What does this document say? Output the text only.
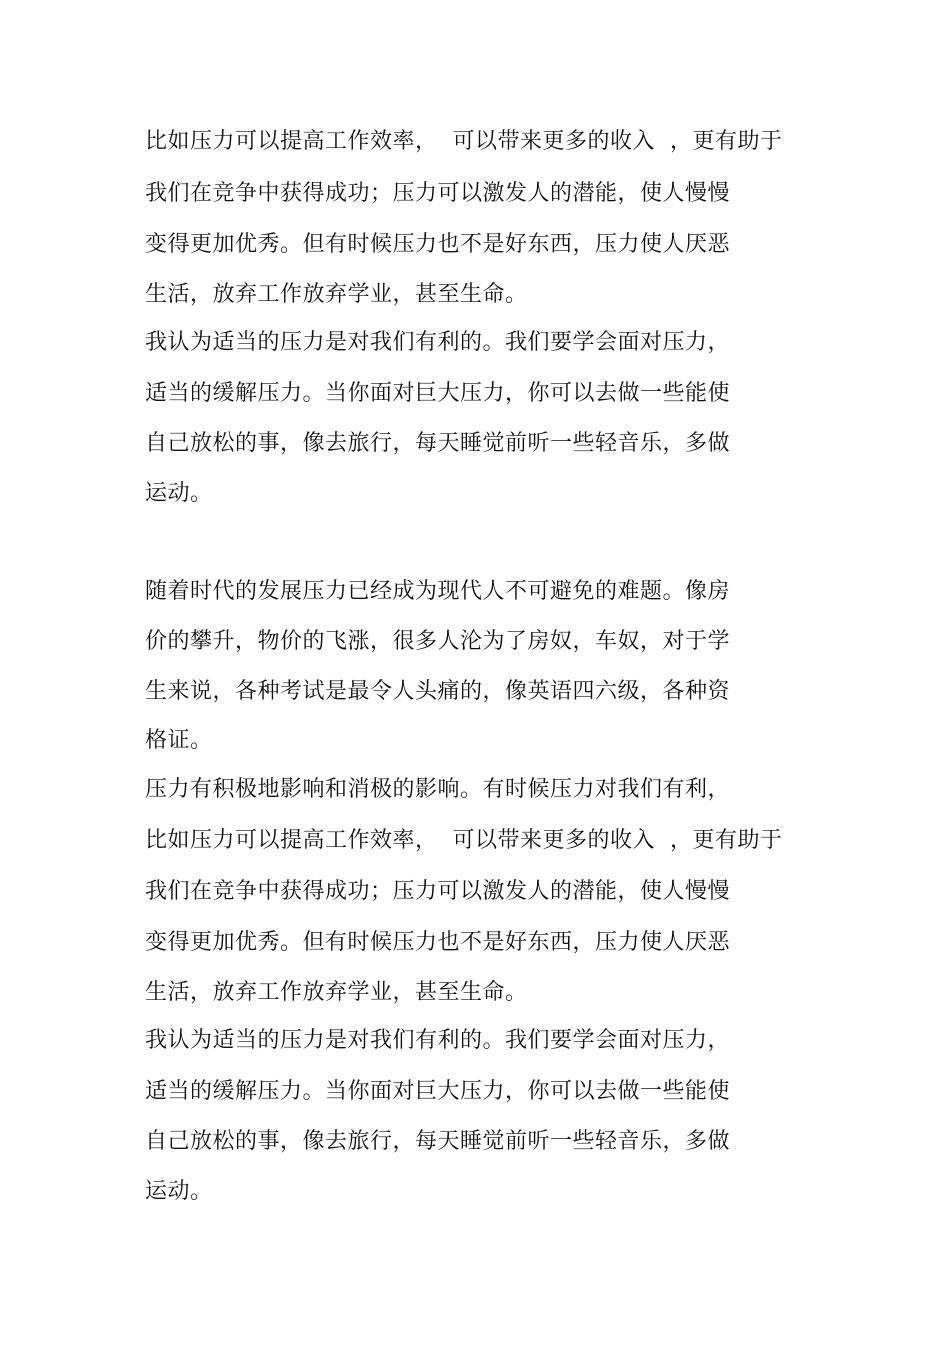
比如压力可以提高工作效率，  可以带来更多的收入  ，更有助于
我们在竞争中获得成功；压力可以激发人的潜能，使人慢慢
变得更加优秀。但有时候压力也不是好东西，压力使人厌恶
生活，放弃工作放弃学业，甚至生命。
我认为适当的压力是对我们有利的。我们要学会面对压力，
适当的缓解压力。当你面对巨大压力，你可以去做一些能使
自己放松的事，像去旅行，每天睡觉前听一些轻音乐，多做
运动。
随着时代的发展压力已经成为现代人不可避免的难题。像房
价的攀升，物价的飞涨，很多人沦为了房奴，车奴，对于学
生来说，各种考试是最令人头痛的，像英语四六级，各种资
格证。
压力有积极地影响和消极的影响。有时候压力对我们有利，
比如压力可以提高工作效率，  可以带来更多的收入  ，更有助于
我们在竞争中获得成功；压力可以激发人的潜能，使人慢慢
变得更加优秀。但有时候压力也不是好东西，压力使人厌恶
生活，放弃工作放弃学业，甚至生命。
我认为适当的压力是对我们有利的。我们要学会面对压力，
适当的缓解压力。当你面对巨大压力，你可以去做一些能使
自己放松的事，像去旅行，每天睡觉前听一些轻音乐，多做
运动。
